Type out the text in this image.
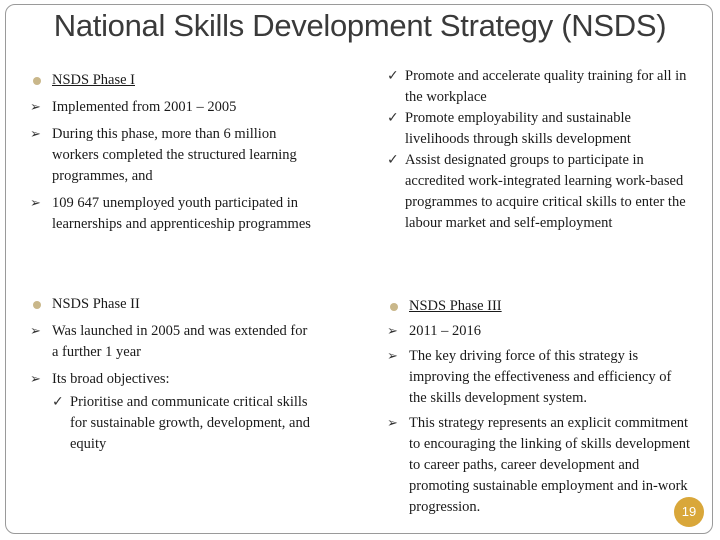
National Skills Development Strategy (NSDS)
NSDS Phase I
➢ Implemented from 2001 – 2005
➢ During this phase, more than 6 million workers completed the structured learning programmes, and
➢ 109 647 unemployed youth participated in learnerships and apprenticeship programmes
✓ Promote and accelerate quality training for all in the workplace
✓ Promote employability and sustainable livelihoods through skills development
✓ Assist designated groups to participate in accredited work-integrated learning work-based programmes to acquire critical skills to enter the labour market and self-employment
NSDS Phase II
➢ Was launched in 2005 and was extended for a further 1 year
➢ Its broad objectives:
✓ Prioritise and communicate critical skills for sustainable growth, development, and equity
NSDS Phase III
➢ 2011 – 2016
➢ The key driving force of this strategy is improving the effectiveness and efficiency of the skills development system.
➢ This strategy represents an explicit commitment to encouraging the linking of skills development to career paths, career development and promoting sustainable employment and in-work progression.	19
